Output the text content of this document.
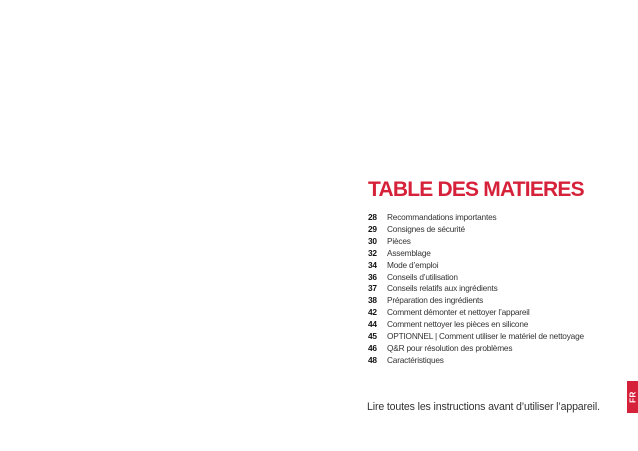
TABLE DES MATIERES
28	Recommandations importantes
29	Consignes de sécurité
30	Pièces
32	Assemblage
34	Mode d’emploi
36	Conseils d’utilisation
37	Conseils relatifs aux ingrédients
38	Préparation des ingrédients
42	Comment démonter et nettoyer l’appareil
44	Comment nettoyer les pièces en silicone
45	OPTIONNEL | Comment utiliser le matériel de nettoyage
46	Q&R pour résolution des problèmes
48	Caractéristiques

Lire toutes les instructions avant d’utiliser l’appareil.

FR
